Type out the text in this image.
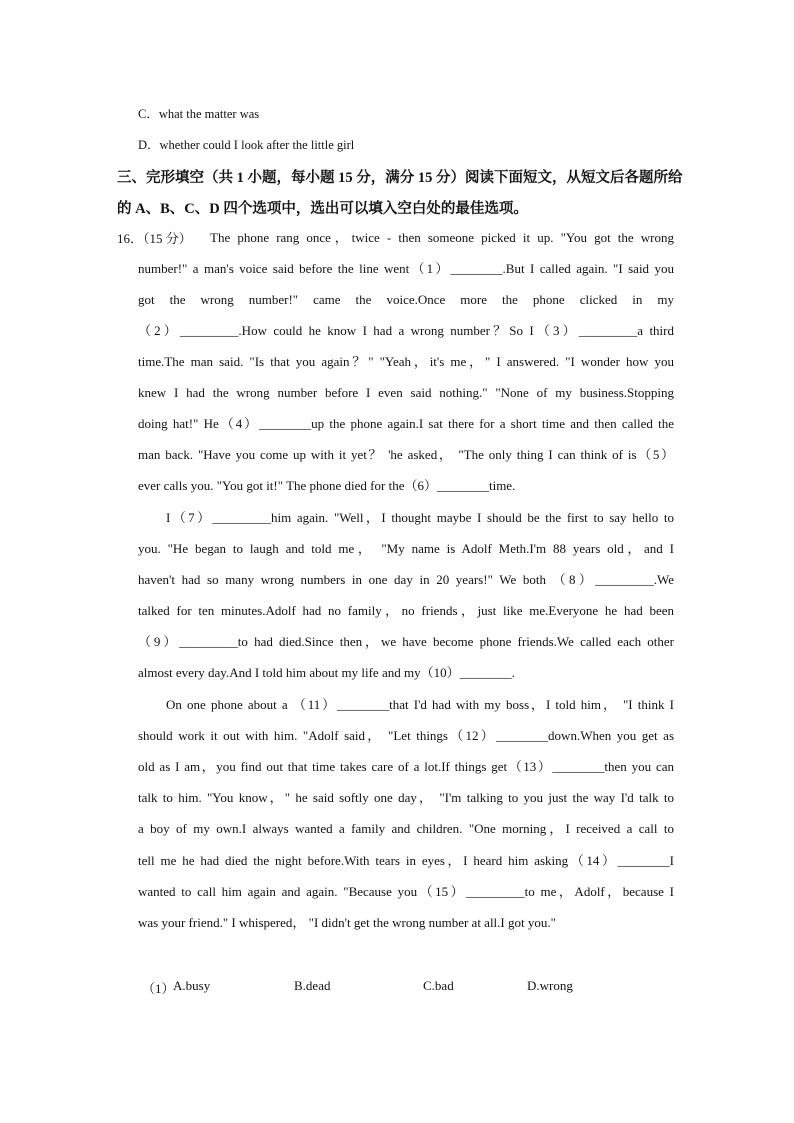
C．what the matter was
D．whether could I look after the little girl
三、完形填空（共 1 小题，每小题 15 分，满分 15 分）阅读下面短文，从短文后各题所给
的 A、B、C、D 四个选项中，选出可以填入空白处的最佳选项。
16．（15 分） The phone rang once，twice - then someone picked it up. "You got the wrong
number!" a man's voice said before the line went（1）________.But I called again. "I said you
got the wrong number!" came the voice.Once more the phone clicked in my
（2）_________.How could he know I had a wrong number？So I（3）_________a third
time.The man said. "Is that you again？" "Yeah，it's me，" I answered. "I wonder how you
knew I had the wrong number before I even said nothing." "None of my business.Stopping
doing hat!" He（4）________up the phone again.I sat there for a short time and then called the
man back. "Have you come up with it yet？ 'he asked， "The only thing I can think of is（5）
ever calls you. "You got it!" The phone died for the（6）________time.
I（7）_________him again. "Well，I thought maybe I should be the first to say hello to
you. "He began to laugh and told me， "My name is Adolf Meth.I'm 88 years old，and I
haven't had so many wrong numbers in one day in 20 years!" We both （8）_________.We
talked for ten minutes.Adolf had no family，no friends，just like me.Everyone he had been
（9）_________to had died.Since then，we have become phone friends.We called each other
almost every day.And I told him about my life and my（10）________.
On one phone about a （11）________that I'd had with my boss，I told him， "I think I
should work it out with him. "Adolf said， "Let things（12）________down.When you get as
old as I am，you find out that time takes care of a lot.If things get（13）________then you can
talk to him. "You know，" he said softly one day， "I'm talking to you just the way I'd talk to
a boy of my own.I always wanted a family and children. "One morning，I received a call to
tell me he had died the night before.With tears in eyes，I heard him asking（14）________I
wanted to call him again and again. "Because you（15）_________to me，Adolf，because I
was your friend." I whispered， "I didn't get the wrong number at all.I got you."
（1）
A.busy	B.dead	C.bad	D.wrong
